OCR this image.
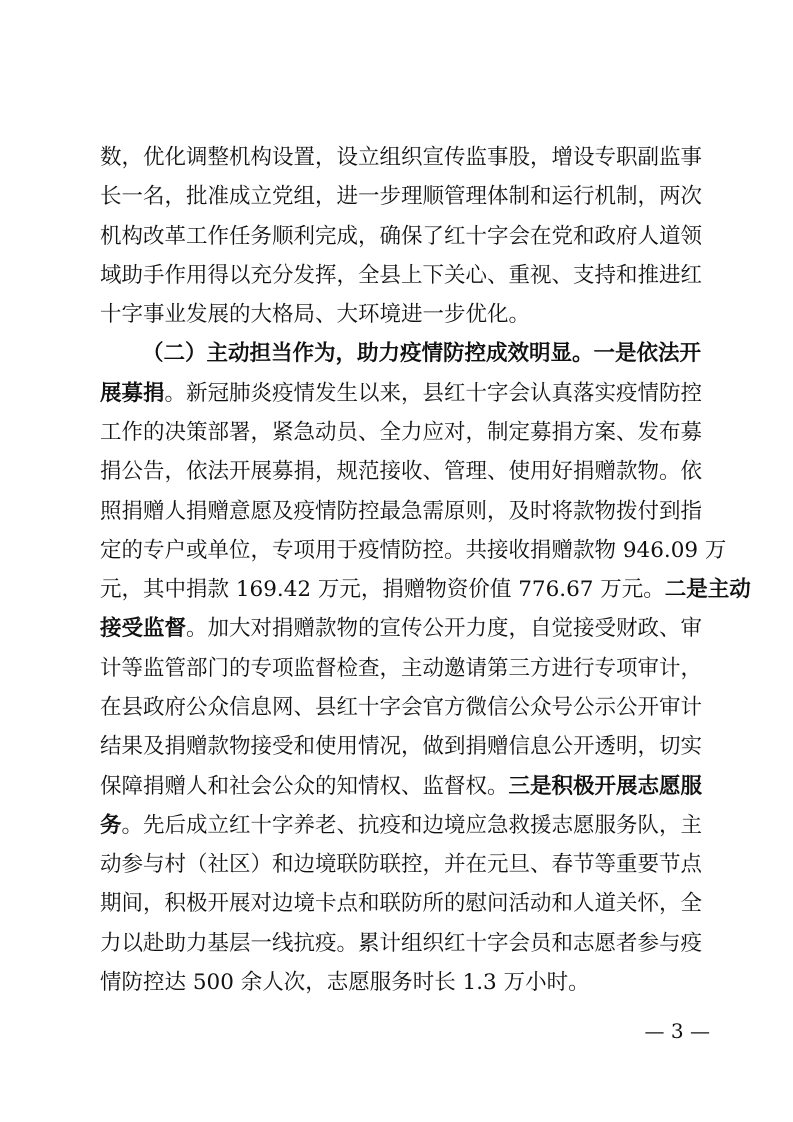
数，优化调整机构设置，设立组织宣传监事股，增设专职副监事
长一名，批准成立党组，进一步理顺管理体制和运行机制，两次
机构改革工作任务顺利完成，确保了红十字会在党和政府人道领
域助手作用得以充分发挥，全县上下关心、重视、支持和推进红
十字事业发展的大格局、大环境进一步优化。
（二）主动担当作为，助力疫情防控成效明显。一是依法开
展募捐。新冠肺炎疫情发生以来，县红十字会认真落实疫情防控
工作的决策部署，紧急动员、全力应对，制定募捐方案、发布募
捐公告，依法开展募捐，规范接收、管理、使用好捐赠款物。依
照捐赠人捐赠意愿及疫情防控最急需原则，及时将款物拨付到指
定的专户或单位，专项用于疫情防控。共接收捐赠款物 946.09 万
元，其中捐款 169.42 万元，捐赠物资价值 776.67 万元。二是主动
接受监督。加大对捐赠款物的宣传公开力度，自觉接受财政、审
计等监管部门的专项监督检查，主动邀请第三方进行专项审计，
在县政府公众信息网、县红十字会官方微信公众号公示公开审计
结果及捐赠款物接受和使用情况，做到捐赠信息公开透明，切实
保障捐赠人和社会公众的知情权、监督权。三是积极开展志愿服
务。先后成立红十字养老、抗疫和边境应急救援志愿服务队，主
动参与村（社区）和边境联防联控，并在元旦、春节等重要节点
期间，积极开展对边境卡点和联防所的慰问活动和人道关怀，全
力以赴助力基层一线抗疫。累计组织红十字会员和志愿者参与疫
情防控达 500 余人次，志愿服务时长 1.3 万小时。
— 3 —
